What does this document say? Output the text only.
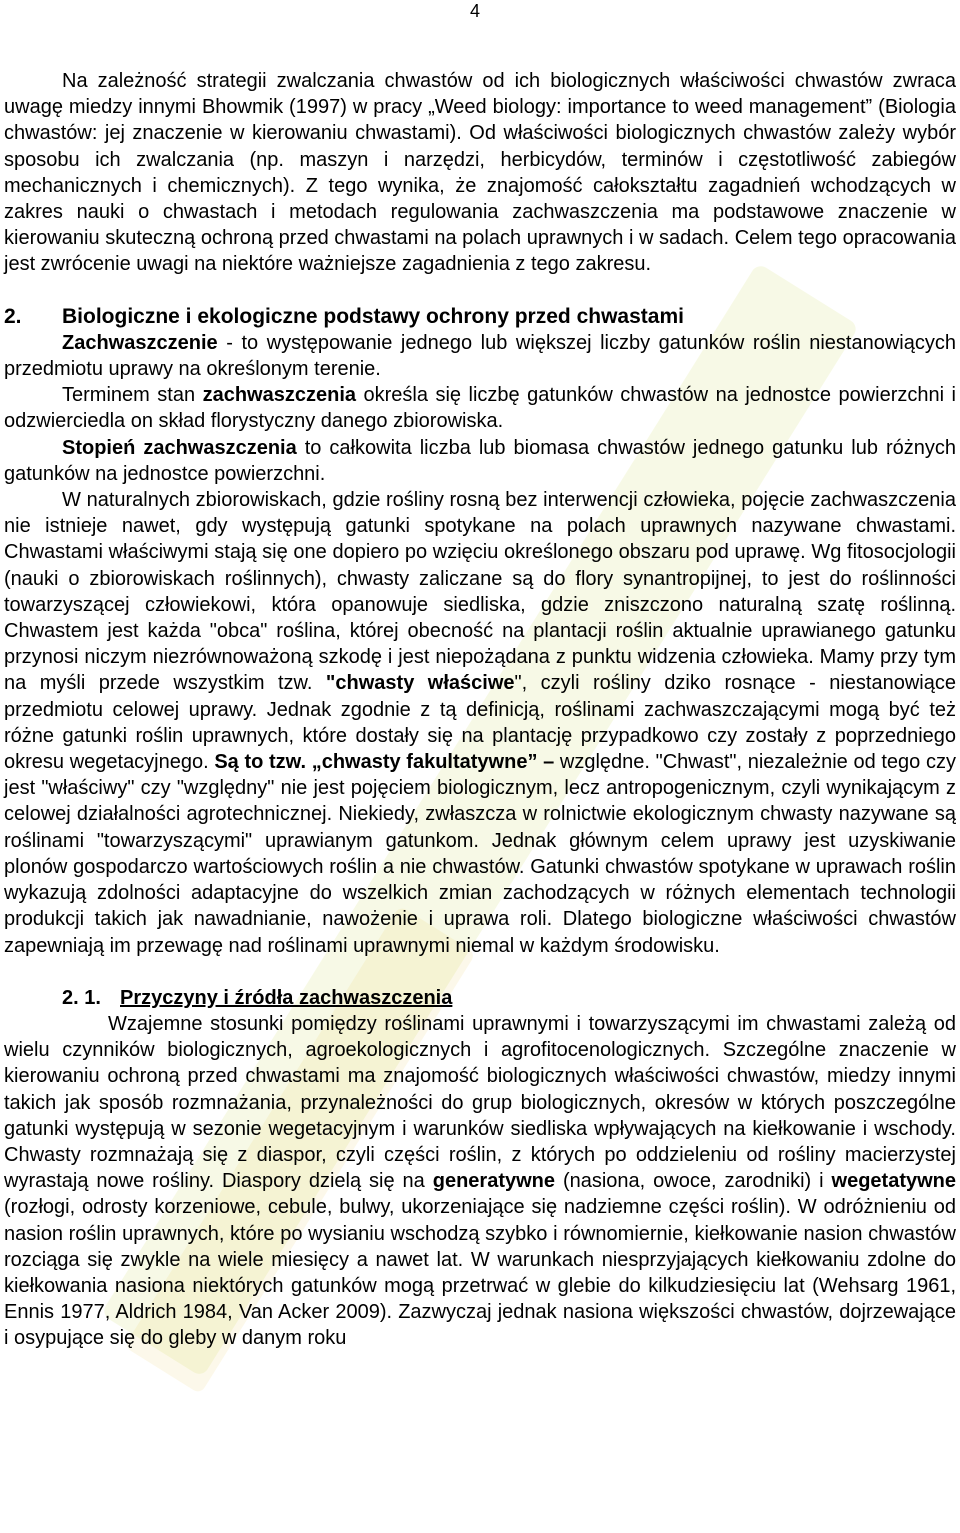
4

Na zależność strategii zwalczania chwastów od ich biologicznych właściwości chwastów zwraca uwagę miedzy innymi Bhowmik (1997) w pracy „Weed biology: importance to weed management” (Biologia chwastów: jej znaczenie w kierowaniu chwastami). Od właściwości biologicznych chwastów zależy wybór sposobu ich zwalczania (np. maszyn i narzędzi, herbicydów, terminów i częstotliwość zabiegów mechanicznych i chemicznych). Z tego wynika, że znajomość całokształtu zagadnień wchodzących w zakres nauki o chwastach i metodach regulowania zachwaszczenia ma podstawowe znaczenie w kierowaniu skuteczną ochroną przed chwastami na polach uprawnych i w sadach. Celem tego opracowania jest zwrócenie uwagi na niektóre ważniejsze zagadnienia z tego zakresu.

2. Biologiczne i ekologiczne podstawy ochrony przed chwastami

Zachwaszczenie - to występowanie jednego lub większej liczby gatunków roślin niestanowiących przedmiotu uprawy na określonym terenie.

Terminem stan zachwaszczenia określa się liczbę gatunków chwastów na jednostce powierzchni i odzwierciedla on skład florystyczny danego zbiorowiska.

Stopień zachwaszczenia to całkowita liczba lub biomasa chwastów jednego gatunku lub różnych gatunków na jednostce powierzchni.

W naturalnych zbiorowiskach, gdzie rośliny rosną bez interwencji człowieka, pojęcie zachwaszczenia nie istnieje nawet, gdy występują gatunki spotykane na polach uprawnych nazywane chwastami. Chwastami właściwymi stają się one dopiero po wzięciu określonego obszaru pod uprawę. Wg fitosocjologii (nauki o zbiorowiskach roślinnych), chwasty zaliczane są do flory synantropijnej, to jest do roślinności towarzyszącej człowiekowi, która opanowuje siedliska, gdzie zniszczono naturalną szatę roślinną. Chwastem jest każda "obca" roślina, której obecność na plantacji roślin aktualnie uprawianego gatunku przynosi niczym niezrównoważoną szkodę i jest niepożądana z punktu widzenia człowieka. Mamy przy tym na myśli przede wszystkim tzw. "chwasty właściwe", czyli rośliny dziko rosnące - niestanowiące przedmiotu celowej uprawy. Jednak zgodnie z tą definicją, roślinami zachwaszczającymi mogą być też różne gatunki roślin uprawnych, które dostały się na plantację przypadkowo czy zostały z poprzedniego okresu wegetacyjnego. Są to tzw. „chwasty fakultatywne” – względne. "Chwast", niezależnie od tego czy jest "właściwy" czy "względny" nie jest pojęciem biologicznym, lecz antropogenicznym, czyli wynikającym z celowej działalności agrotechnicznej. Niekiedy, zwłaszcza w rolnictwie ekologicznym chwasty nazywane są roślinami "towarzyszącymi" uprawianym gatunkom. Jednak głównym celem uprawy jest uzyskiwanie plonów gospodarczo wartościowych roślin a nie chwastów. Gatunki chwastów spotykane w uprawach roślin wykazują zdolności adaptacyjne do wszelkich zmian zachodzących w różnych elementach technologii produkcji takich jak nawadnianie, nawożenie i uprawa roli. Dlatego biologiczne właściwości chwastów zapewniają im przewagę nad roślinami uprawnymi niemal w każdym środowisku.

2. 1. Przyczyny i źródła zachwaszczenia

Wzajemne stosunki pomiędzy roślinami uprawnymi i towarzyszącymi im chwastami zależą od wielu czynników biologicznych, agroekologicznych i agrofitocenologicznych. Szczególne znaczenie w kierowaniu ochroną przed chwastami ma znajomość biologicznych właściwości chwastów, miedzy innymi takich jak sposób rozmnażania, przynależności do grup biologicznych, okresów w których poszczególne gatunki występują w sezonie wegetacyjnym i warunków siedliska wpływających na kiełkowanie i wschody. Chwasty rozmnażają się z diaspor, czyli części roślin, z których po oddzieleniu od rośliny macierzystej wyrastają nowe rośliny. Diaspory dzielą się na generatywne (nasiona, owoce, zarodniki) i wegetatywne (rozłogi, odrosty korzeniowe, cebule, bulwy, ukorzeniające się nadziemne części roślin). W odróżnieniu od nasion roślin uprawnych, które po wysianiu wschodzą szybko i równomiernie, kiełkowanie nasion chwastów rozciąga się zwykle na wiele miesięcy a nawet lat. W warunkach niesprzyjających kiełkowaniu zdolne do kiełkowania nasiona niektórych gatunków mogą przetrwać w glebie do kilkudziesięciu lat (Wehsarg 1961, Ennis 1977, Aldrich 1984, Van Acker 2009). Zazwyczaj jednak nasiona większości chwastów, dojrzewające i osypujące się do gleby w danym roku
